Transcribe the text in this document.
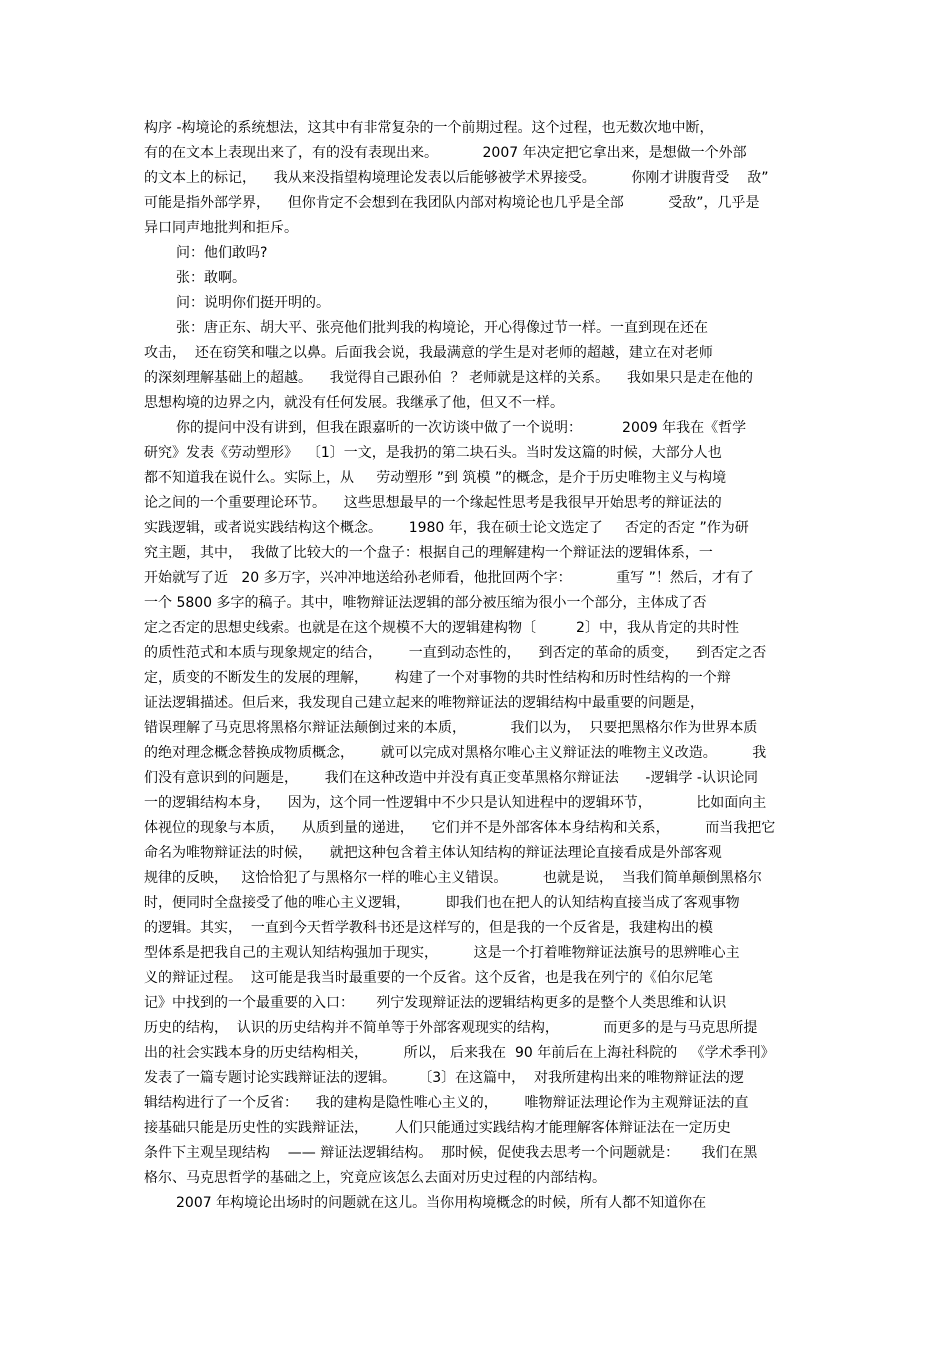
构序 -构境论的系统想法，这其中有非常复杂的一个前期过程。这个过程，也无数次地中断，
有的在文本上表现出来了，有的没有表现出来。          2007 年决定把它拿出来，是想做一个外部
的文本上的标记，    我从来没指望构境理论发表以后能够被学术界接受。        你刚才讲腹背受    敌”
可能是指外部学界，    但你肯定不会想到在我团队内部对构境论也几乎是全部          受敌”，几乎是
异口同声地批判和拒斥。
问：他们敢吗?
张：敢啊。
问：说明你们挺开明的。
张：唐正东、胡大平、张亮他们批判我的构境论，开心得像过节一样。一直到现在还在
攻击，  还在窃笑和嗤之以鼻。后面我会说，我最满意的学生是对老师的超越，建立在对老师
的深刻理解基础上的超越。    我觉得自己跟孙伯  ？ 老师就是这样的关系。    我如果只是走在他的
思想构境的边界之内，就没有任何发展。我继承了他，但又不一样。
你的提问中没有讲到，但我在跟嘉昕的一次访谈中做了一个说明：         2009 年我在《哲学
研究》发表《劳动塑形》  〔1〕一文，是我扔的第二块石头。当时发这篇的时候，大部分人也
都不知道我在说什么。实际上，从     劳动塑形 ”到 筑模 ”的概念，是介于历史唯物主义与构境
论之间的一个重要理论环节。    这些思想最早的一个缘起性思考是我很早开始思考的辩证法的
实践逻辑，或者说实践结构这个概念。      1980 年，我在硕士论文选定了     否定的否定 ”作为研
究主题，其中，  我做了比较大的一个盘子：根据自己的理解建构一个辩证法的逻辑体系，一
开始就写了近   20 多万字，兴冲冲地送给孙老师看，他批回两个字：          重写 ”！然后，才有了
一个 5800 多字的稿子。其中，唯物辩证法逻辑的部分被压缩为很小一个部分，主体成了否
定之否定的思想史线索。也就是在这个规模不大的逻辑建构物〔         2〕中，我从肯定的共时性
的质性范式和本质与现象规定的结合，      一直到动态性的，    到否定的革命的质变，    到否定之否
定，质变的不断发生的发展的理解，      构建了一个对事物的共时性结构和历时性结构的一个辩
证法逻辑描述。但后来，我发现自己建立起来的唯物辩证法的逻辑结构中最重要的问题是，
错误理解了马克思将黑格尔辩证法颠倒过来的本质，          我们以为，  只要把黑格尔作为世界本质
的绝对理念概念替换成物质概念，      就可以完成对黑格尔唯心主义辩证法的唯物主义改造。        我
们没有意识到的问题是，      我们在这种改造中并没有真正变革黑格尔辩证法      -逻辑学 -认识论同
一的逻辑结构本身，    因为，这个同一性逻辑中不少只是认知进程中的逻辑环节，          比如面向主
体视位的现象与本质，    从质到量的递进，    它们并不是外部客体本身结构和关系，        而当我把它
命名为唯物辩证法的时候，    就把这种包含着主体认知结构的辩证法理论直接看成是外部客观
规律的反映，   这恰恰犯了与黑格尔一样的唯心主义错误。        也就是说，  当我们简单颠倒黑格尔
时，便同时全盘接受了他的唯心主义逻辑，        即我们也在把人的认知结构直接当成了客观事物
的逻辑。其实，  一直到今天哲学教科书还是这样写的，但是我的一个反省是，我建构出的模
型体系是把我自己的主观认知结构强加于现实，        这是一个打着唯物辩证法旗号的思辨唯心主
义的辩证过程。  这可能是我当时最重要的一个反省。这个反省，也是我在列宁的《伯尔尼笔
记》中找到的一个最重要的入口：     列宁发现辩证法的逻辑结构更多的是整个人类思维和认识
历史的结构，  认识的历史结构并不简单等于外部客观现实的结构，          而更多的是与马克思所提
出的社会实践本身的历史结构相关，        所以， 后来我在  90 年前后在上海社科院的   《学术季刊》
发表了一篇专题讨论实践辩证法的逻辑。     〔3〕在这篇中，  对我所建构出来的唯物辩证法的逻
辑结构进行了一个反省：    我的建构是隐性唯心主义的，      唯物辩证法理论作为主观辩证法的直
接基础只能是历史性的实践辩证法，      人们只能通过实践结构才能理解客体辩证法在一定历史
条件下主观呈现结构    —— 辩证法逻辑结构。  那时候，促使我去思考一个问题就是：     我们在黑
格尔、马克思哲学的基础之上，究竟应该怎么去面对历史过程的内部结构。
2007 年构境论出场时的问题就在这儿。当你用构境概念的时候，所有人都不知道你在
